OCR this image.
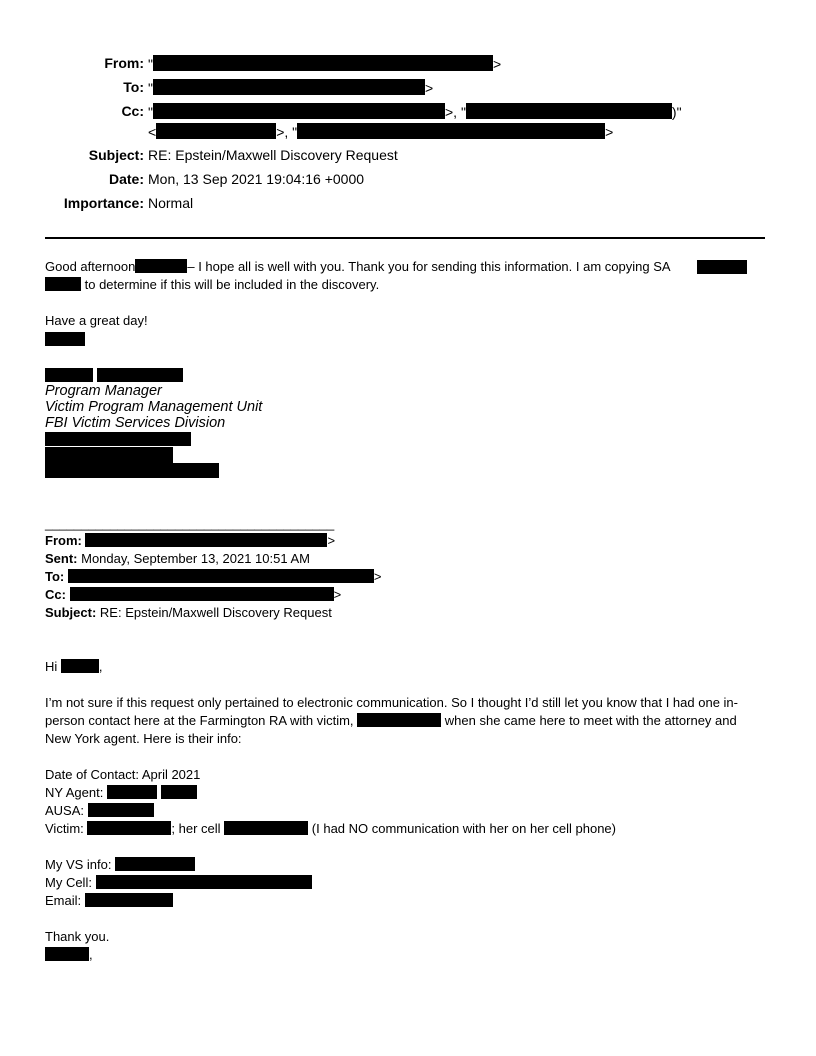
From: "	>
To: "	>
Cc: "	>, "	)"
<	>, "	>
Subject: RE: Epstein/Maxwell Discovery Request
Date: Mon, 13 Sep 2021 19:04:16 +0000
Importance: Normal
Good afternoon	– I hope all is well with you. Thank you for sending this information. I am copying SA
to determine if this will be included in the discovery.
Have a great day!
Program Manager
Victim Program Management Unit
FBI Victim Services Division
________________________________________
From:	>
Sent: Monday, September 13, 2021 10:51 AM
To:	>
Cc:	>
Subject: RE: Epstein/Maxwell Discovery Request
Hi	,
I’m not sure if this request only pertained to electronic communication. So I thought I’d still let you know that I had one in-
person contact here at the Farmington RA with victim,	when she came here to meet with the attorney and
New York agent. Here is their info:
Date of Contact: April 2021
NY Agent:
AUSA:
Victim:	; her cell	(I had NO communication with her on her cell phone)
My VS info:
My Cell:
Email:
Thank you.
,
